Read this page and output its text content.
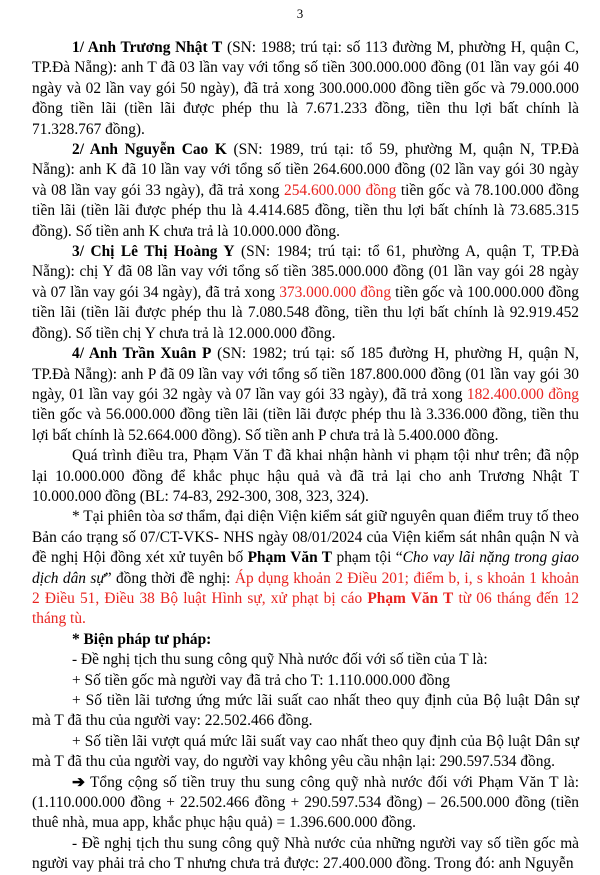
3

1/ Anh Trương Nhật T (SN: 1988; trú tại: số 113 đường M, phường H, quận C, TP.Đà Nẵng): anh T đã 03 lần vay với tổng số tiền 300.000.000 đồng (01 lần vay gói 40 ngày và 02 lần vay gói 50 ngày), đã trả xong 300.000.000 đồng tiền gốc và 79.000.000 đồng tiền lãi (tiền lãi được phép thu là 7.671.233 đồng, tiền thu lợi bất chính là 71.328.767 đồng).

2/ Anh Nguyễn Cao K (SN: 1989, trú tại: tổ 59, phường M, quận N, TP.Đà Nẵng): anh K đã 10 lần vay với tổng số tiền 264.600.000 đồng (02 lần vay gói 30 ngày và 08 lần vay gói 33 ngày), đã trả xong 254.600.000 đồng tiền gốc và 78.100.000 đồng tiền lãi (tiền lãi được phép thu là 4.414.685 đồng, tiền thu lợi bất chính là 73.685.315 đồng). Số tiền anh K chưa trả là 10.000.000 đồng.

3/ Chị Lê Thị Hoàng Y (SN: 1984; trú tại: tổ 61, phường A, quận T, TP.Đà Nẵng): chị Y đã 08 lần vay với tổng số tiền 385.000.000 đồng (01 lần vay gói 28 ngày và 07 lần vay gói 34 ngày), đã trả xong 373.000.000 đồng tiền gốc và 100.000.000 đồng tiền lãi (tiền lãi được phép thu là 7.080.548 đồng, tiền thu lợi bất chính là 92.919.452 đồng). Số tiền chị Y chưa trả là 12.000.000 đồng.

4/ Anh Trần Xuân P (SN: 1982; trú tại: số 185 đường H, phường H, quận N, TP.Đà Nẵng): anh P đã 09 lần vay với tổng số tiền 187.800.000 đồng (01 lần vay gói 30 ngày, 01 lần vay gói 32 ngày và 07 lần vay gói 33 ngày), đã trả xong 182.400.000 đồng tiền gốc và 56.000.000 đồng tiền lãi (tiền lãi được phép thu là 3.336.000 đồng, tiền thu lợi bất chính là 52.664.000 đồng). Số tiền anh P chưa trả là 5.400.000 đồng.

Quá trình điều tra, Phạm Văn T đã khai nhận hành vi phạm tội như trên; đã nộp lại 10.000.000 đồng để khắc phục hậu quả và đã trả lại cho anh Trương Nhật T 10.000.000 đồng (BL: 74-83, 292-300, 308, 323, 324).

* Tại phiên tòa sơ thẩm, đại diện Viện kiểm sát giữ nguyên quan điểm truy tố theo Bản cáo trạng số 07/CT-VKS- NHS ngày 08/01/2024 của Viện kiểm sát nhân quận N và đề nghị Hội đồng xét xử tuyên bố Phạm Văn T phạm tội “Cho vay lãi nặng trong giao dịch dân sự” đồng thời đề nghị: Áp dụng khoản 2 Điều 201; điểm b, i, s khoản 1 khoản 2 Điều 51, Điều 38 Bộ luật Hình sự, xử phạt bị cáo Phạm Văn T từ 06 tháng đến 12 tháng tù.

* Biện pháp tư pháp:

- Đề nghị tịch thu sung công quỹ Nhà nước đối với số tiền của T là:

+ Số tiền gốc mà người vay đã trả cho T: 1.110.000.000 đồng

+ Số tiền lãi tương ứng mức lãi suất cao nhất theo quy định của Bộ luật Dân sự mà T đã thu của người vay: 22.502.466 đồng.

+ Số tiền lãi vượt quá mức lãi suất vay cao nhất theo quy định của Bộ luật Dân sự mà T đã thu của người vay, do người vay không yêu cầu nhận lại: 290.597.534 đồng.

➔ Tổng cộng số tiền truy thu sung công quỹ nhà nước đối với Phạm Văn T là: (1.110.000.000 đồng + 22.502.466 đồng + 290.597.534 đồng) – 26.500.000 đồng (tiền thuê nhà, mua app, khắc phục hậu quả) = 1.396.600.000 đồng.

- Đề nghị tịch thu sung công quỹ Nhà nước của những người vay số tiền gốc mà người vay phải trả cho T nhưng chưa trả được: 27.400.000 đồng. Trong đó: anh Nguyễn
